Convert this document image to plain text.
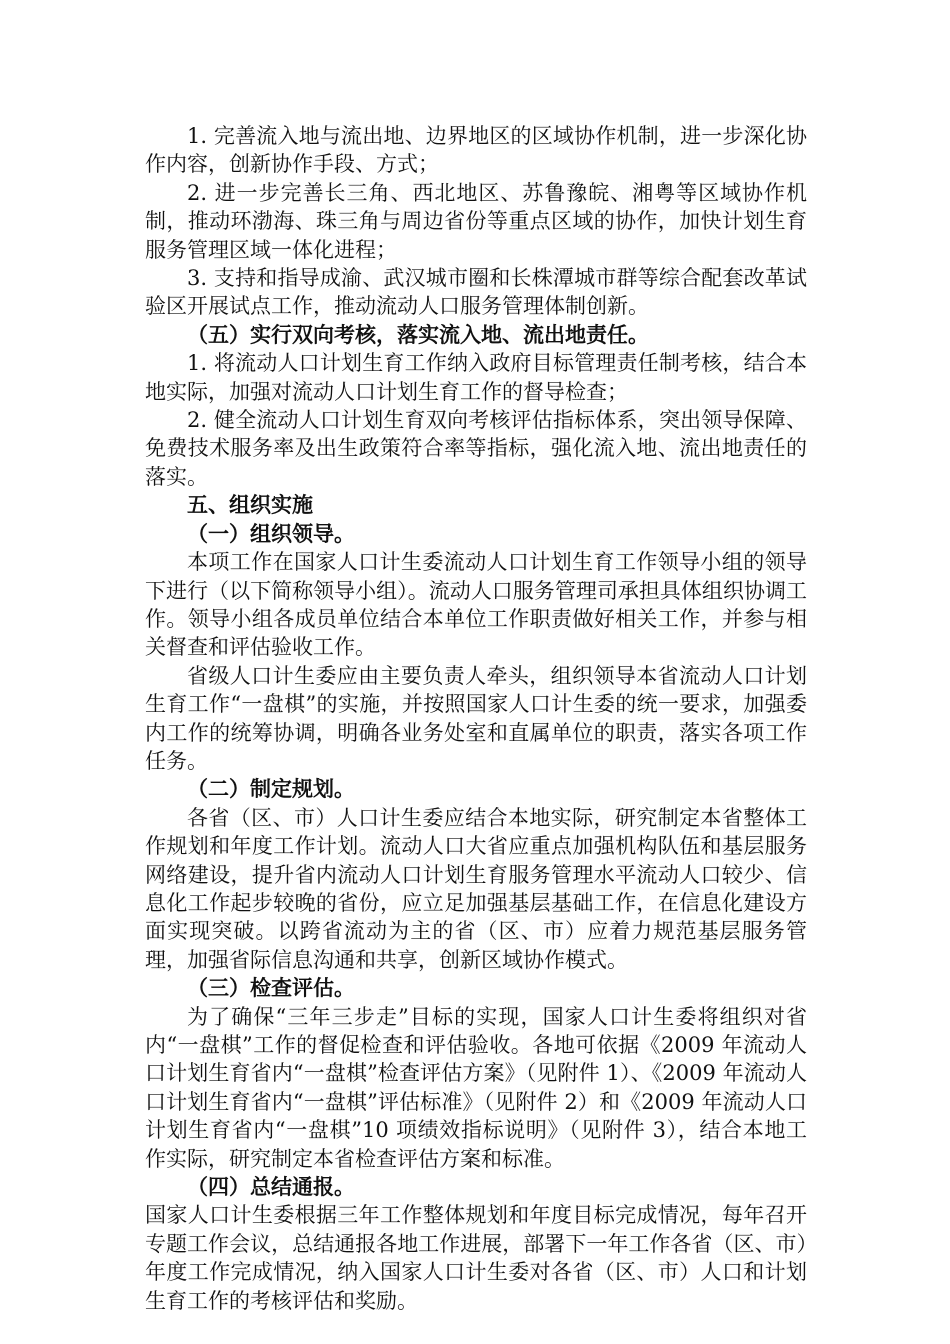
1. 完善流入地与流出地、边界地区的区域协作机制，进一步深化协作内容，创新协作手段、方式；

2. 进一步完善长三角、西北地区、苏鲁豫皖、湘粤等区域协作机制，推动环渤海、珠三角与周边省份等重点区域的协作，加快计划生育服务管理区域一体化进程；

3. 支持和指导成渝、武汉城市圈和长株潭城市群等综合配套改革试验区开展试点工作，推动流动人口服务管理体制创新。

（五）实行双向考核，落实流入地、流出地责任。

1. 将流动人口计划生育工作纳入政府目标管理责任制考核，结合本地实际，加强对流动人口计划生育工作的督导检查；

2. 健全流动人口计划生育双向考核评估指标体系，突出领导保障、免费技术服务率及出生政策符合率等指标，强化流入地、流出地责任的落实。

五、组织实施

（一）组织领导。

本项工作在国家人口计生委流动人口计划生育工作领导小组的领导下进行（以下简称领导小组）。流动人口服务管理司承担具体组织协调工作。领导小组各成员单位结合本单位工作职责做好相关工作，并参与相关督查和评估验收工作。

省级人口计生委应由主要负责人牵头，组织领导本省流动人口计划生育工作“一盘棋”的实施，并按照国家人口计生委的统一要求，加强委内工作的统筹协调，明确各业务处室和直属单位的职责，落实各项工作任务。

（二）制定规划。

各省（区、市）人口计生委应结合本地实际，研究制定本省整体工作规划和年度工作计划。流动人口大省应重点加强机构队伍和基层服务网络建设，提升省内流动人口计划生育服务管理水平流动人口较少、信息化工作起步较晚的省份，应立足加强基层基础工作，在信息化建设方面实现突破。以跨省流动为主的省（区、市）应着力规范基层服务管理，加强省际信息沟通和共享，创新区域协作模式。

（三）检查评估。

为了确保“三年三步走”目标的实现，国家人口计生委将组织对省内“一盘棋”工作的督促检查和评估验收。各地可依据《2009 年流动人口计划生育省内“一盘棋”检查评估方案》（见附件 1）、《2009 年流动人口计划生育省内“一盘棋”评估标准》（见附件 2）和《2009 年流动人口计划生育省内“一盘棋”10 项绩效指标说明》（见附件 3），结合本地工作实际，研究制定本省检查评估方案和标准。

（四）总结通报。

国家人口计生委根据三年工作整体规划和年度目标完成情况，每年召开专题工作会议，总结通报各地工作进展，部署下一年工作各省（区、市）年度工作完成情况，纳入国家人口计生委对各省（区、市）人口和计划生育工作的考核评估和奖励。
